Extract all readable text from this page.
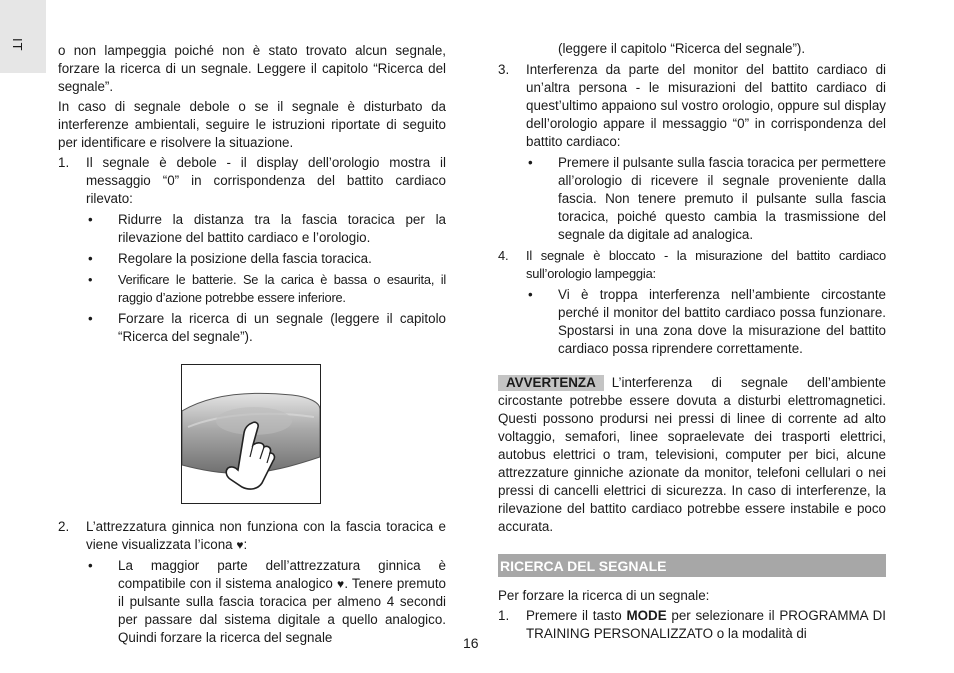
IT o non lampeggia poiché non è stato trovato alcun segnale, forzare la ricerca di un segnale. Leggere il capitolo “Ricerca del segnale”.

In caso di segnale debole o se il segnale è disturbato da interferenze ambientali, seguire le istruzioni riportate di seguito per identificare e risolvere la situazione.

1. Il segnale è debole - il display dell’orologio mostra il messaggio “0” in corrispondenza del battito cardiaco rilevato:
• Ridurre la distanza tra la fascia toracica per la rilevazione del battito cardiaco e l’orologio.
• Regolare la posizione della fascia toracica.
• Verificare le batterie. Se la carica è bassa o esaurita, il raggio d’azione potrebbe essere inferiore.
• Forzare la ricerca di un segnale (leggere il capitolo “Ricerca del segnale”).
2. L’attrezzatura ginnica non funziona con la fascia toracica e viene visualizzata l’icona ♥:
• La maggior parte dell’attrezzatura ginnica è compatibile con il sistema analogico ♥. Tenere premuto il pulsante sulla fascia toracica per almeno 4 secondi per passare dal sistema digitale a quello analogico. Quindi forzare la ricerca del segnale

(leggere il capitolo “Ricerca del segnale”).

3. Interferenza da parte del monitor del battito cardiaco di un’altra persona - le misurazioni del battito cardiaco di quest’ultimo appaiono sul vostro orologio, oppure sul display dell’orologio appare il messaggio “0” in corrispondenza del battito cardiaco:
• Premere il pulsante sulla fascia toracica per permettere all’orologio di ricevere il segnale proveniente dalla fascia. Non tenere premuto il pulsante sulla fascia toracica, poiché questo cambia la trasmissione del segnale da digitale ad analogica.
4. Il segnale è bloccato - la misurazione del battito cardiaco sull’orologio lampeggia:
• Vi è troppa interferenza nell’ambiente circostante perché il monitor del battito cardiaco possa funzionare. Spostarsi in una zona dove la misurazione del battito cardiaco possa riprendere correttamente.

AVVERTENZA L’interferenza di segnale dell’ambiente circostante potrebbe essere dovuta a disturbi elettromagnetici. Questi possono prodursi nei pressi di linee di corrente ad alto voltaggio, semafori, linee sopraelevate dei trasporti elettrici, autobus elettrici o tram, televisioni, computer per bici, alcune attrezzature ginniche azionate da monitor, telefoni cellulari o nei pressi di cancelli elettrici di sicurezza. In caso di interferenze, la rilevazione del battito cardiaco potrebbe essere instabile e poco accurata.

RICERCA DEL SEGNALE

Per forzare la ricerca di un segnale:

1. Premere il tasto MODE per selezionare il PROGRAMMA DI TRAINING PERSONALIZZATO o la modalità di
16
